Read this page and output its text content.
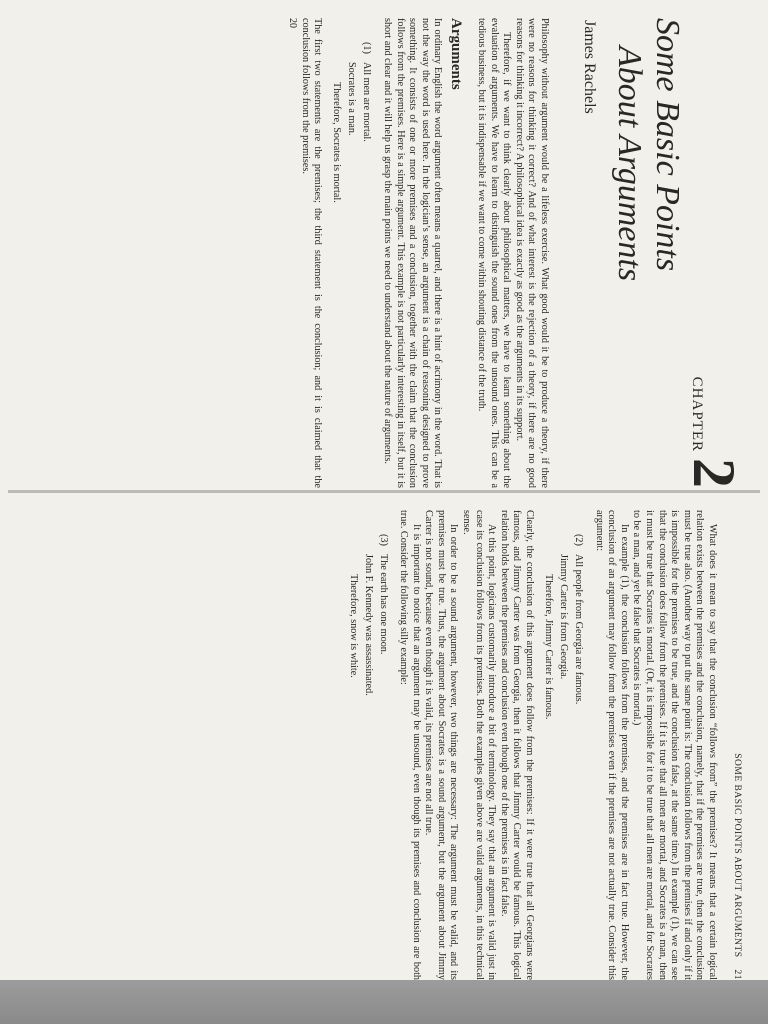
CHAPTER
2
Some Basic Points
About Arguments
James Rachels

Philosophy without argument would be a lifeless exercise. What good would it be to produce a theory, if there were no reasons for thinking it correct? And of what interest is the rejection of a theory, if there are no good reasons for thinking it incorrect? A philosophical idea is exactly as good as the arguments in its support.

Therefore, if we want to think clearly about philosophical matters, we have to learn something about the evaluation of arguments. We have to learn to distinguish the sound ones from the unsound ones. This can be a tedious business, but it is indispensable if we want to come within shouting distance of the truth.

Arguments

In ordinary English the word argument often means a quarrel, and there is a hint of acrimony in the word. That is not the way the word is used here. In the logician’s sense, an argument is a chain of reasoning designed to prove something. It consists of one or more premises and a conclusion, together with the claim that the conclusion follows from the premises. Here is a simple argument. This example is not particularly interesting in itself, but it is short and clear and it will help us grasp the main points we need to understand about the nature of arguments.

(1)All men are mortal.
Socrates is a man.
Therefore, Socrates is mortal.

The first two statements are the premises; the third statement is the conclusion; and it is claimed that the conclusion follows from the premises.

20
SOME BASIC POINTS ABOUT ARGUMENTS
21

What does it mean to say that the conclusion “follows from” the premises? It means that a certain logical relation exists between the premises and the conclusion, namely, that if the premises are true, then the conclusion must be true also. (Another way to put the same point is: The conclusion follows from the premises if and only if it is impossible for the premises to be true, and the conclusion false, at the same time.) In example (1), we can see that the conclusion does follow from the premises. If it is true that all men are mortal, and Socrates is a man, then it must be true that Socrates is mortal. (Or, it is impossible for it to be true that all men are mortal, and for Socrates to be a man, and yet be false that Socrates is mortal.)

In example (1), the conclusion follows from the premises, and the premises are in fact true. However, the conclusion of an argument may follow from the premises even if the premises are not actually true. Consider this argument:

(2)All people from Georgia are famous.
Jimmy Carter is from Georgia.
Therefore, Jimmy Carter is famous.

Clearly, the conclusion of this argument does follow from the premises: If it were true that all Georgians were famous, and Jimmy Carter was from Georgia, then it follows that Jimmy Carter would be famous. This logical relation holds between the premises and conclusion even though one of the premises is in fact false.

At this point, logicians customarily introduce a bit of terminology. They say that an argument is valid just in case its conclusion follows from its premises. Both the examples given above are valid arguments, in this technical sense.

In order to be a sound argument, however, two things are necessary: The argument must be valid, and its premises must be true. Thus, the argument about Socrates is a sound argument, but the argument about Jimmy Carter is not sound, because even though it is valid, its premises are not all true.

It is important to notice that an argument may be unsound, even though its premises and conclusion are both true. Consider the following silly example:

(3)The earth has one moon.
John F. Kennedy was assassinated.
Therefore, snow is white.
